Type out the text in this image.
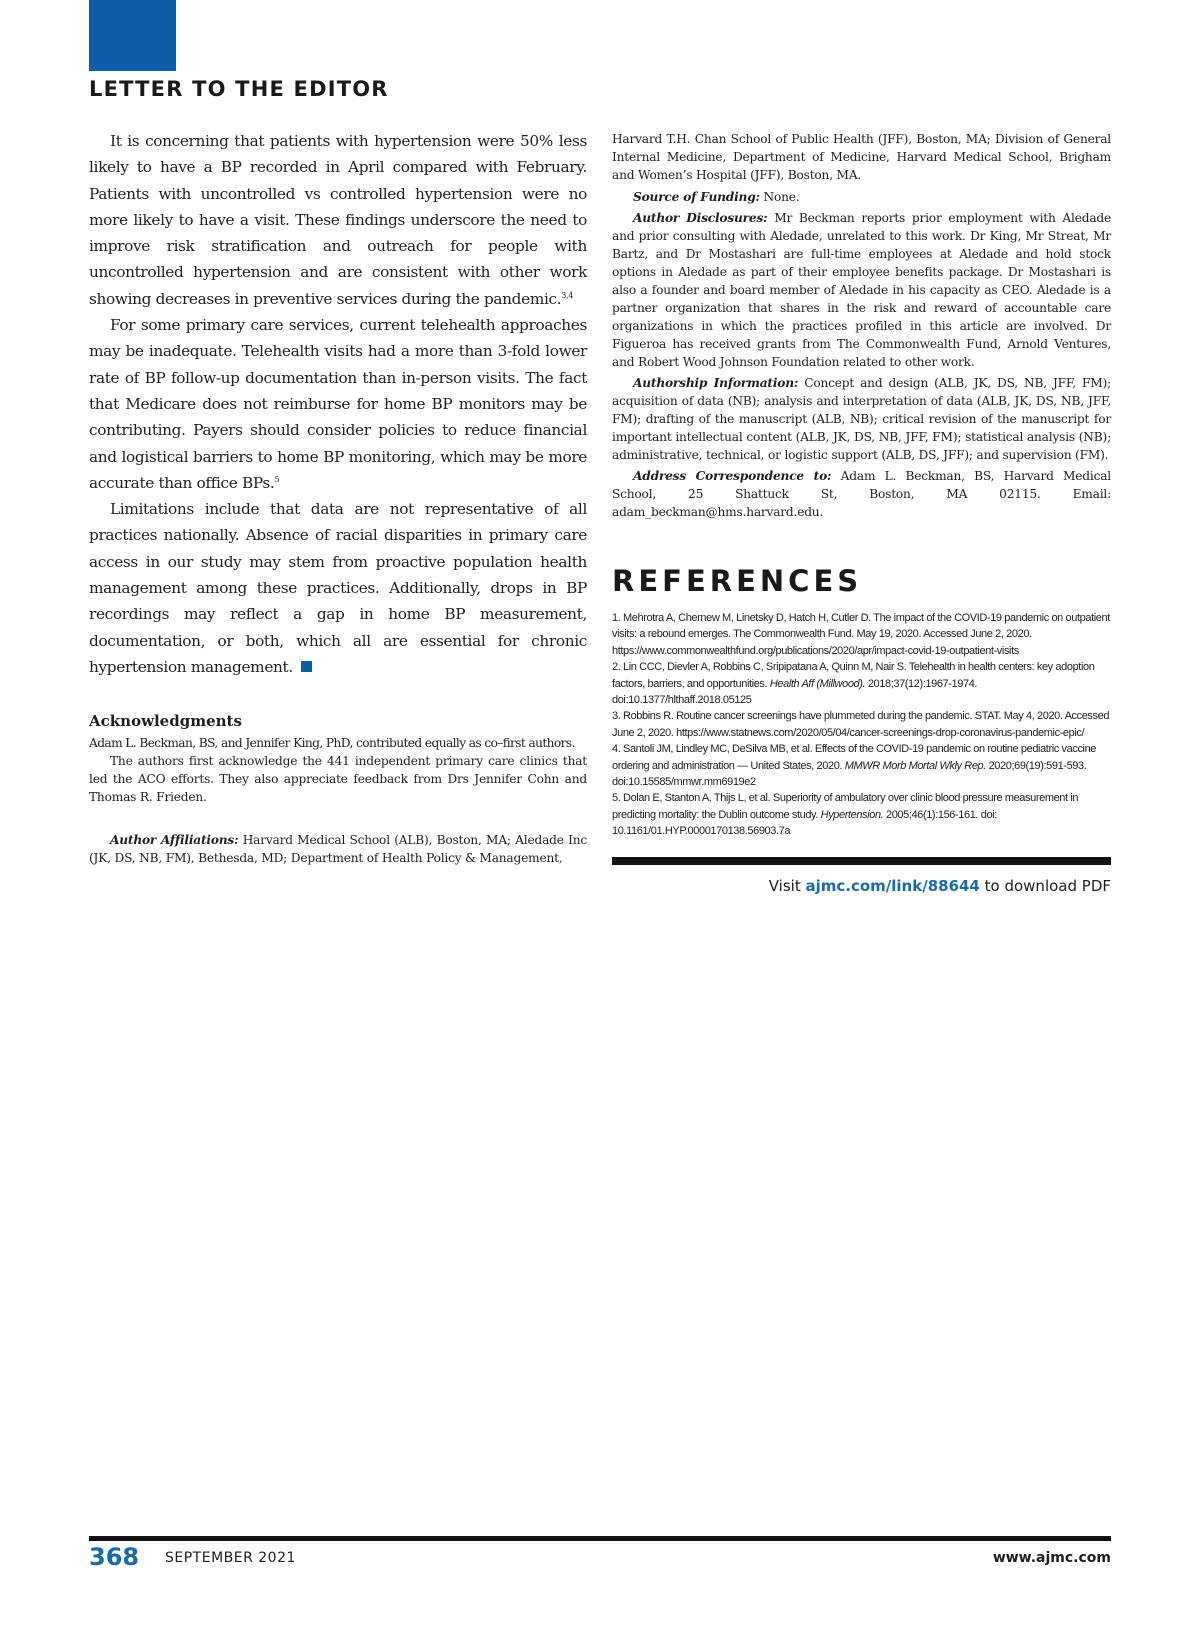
LETTER TO THE EDITOR

It is concerning that patients with hypertension were 50% less likely to have a BP recorded in April compared with February. Patients with uncontrolled vs controlled hypertension were no more likely to have a visit. These findings underscore the need to improve risk stratification and outreach for people with uncontrolled hypertension and are consistent with other work showing decreases in preventive services during the pandemic.$^{3,4}$

For some primary care services, current telehealth approaches may be inadequate. Telehealth visits had a more than 3-fold lower rate of BP follow-up documentation than in-person visits. The fact that Medicare does not reimburse for home BP monitors may be contributing. Payers should consider policies to reduce financial and logistical barriers to home BP monitoring, which may be more accurate than office BPs.$^5$

Limitations include that data are not representative of all practices nationally. Absence of racial disparities in primary care access in our study may stem from proactive population health management among these practices. Additionally, drops in BP recordings may reflect a gap in home BP measurement, documentation, or both, which all are essential for chronic hypertension management.

Acknowledgments

Adam L. Beckman, BS, and Jennifer King, PhD, contributed equally as co–first authors.

The authors first acknowledge the 441 independent primary care clinics that led the ACO efforts. They also appreciate feedback from Drs Jennifer Cohn and Thomas R. Frieden.

Author Affiliations: Harvard Medical School (ALB), Boston, MA; Aledade Inc (JK, DS, NB, FM), Bethesda, MD; Department of Health Policy & Management,

Harvard T.H. Chan School of Public Health (JFF), Boston, MA; Division of General Internal Medicine, Department of Medicine, Harvard Medical School, Brigham and Women’s Hospital (JFF), Boston, MA.

Source of Funding: None.

Author Disclosures: Mr Beckman reports prior employment with Aledade and prior consulting with Aledade, unrelated to this work. Dr King, Mr Streat, Mr Bartz, and Dr Mostashari are full-time employees at Aledade and hold stock options in Aledade as part of their employee benefits package. Dr Mostashari is also a founder and board member of Aledade in his capacity as CEO. Aledade is a partner organization that shares in the risk and reward of accountable care organizations in which the practices profiled in this article are involved. Dr Figueroa has received grants from The Commonwealth Fund, Arnold Ventures, and Robert Wood Johnson Foundation related to other work.

Authorship Information: Concept and design (ALB, JK, DS, NB, JFF, FM); acquisition of data (NB); analysis and interpretation of data (ALB, JK, DS, NB, JFF, FM); drafting of the manuscript (ALB, NB); critical revision of the manuscript for important intellectual content (ALB, JK, DS, NB, JFF, FM); statistical analysis (NB); administrative, technical, or logistic support (ALB, DS, JFF); and supervision (FM).

Address Correspondence to: Adam L. Beckman, BS, Harvard Medical School, 25 Shattuck St, Boston, MA 02115. Email: adam_beckman@hms.harvard.edu.

REFERENCES

1. Mehrotra A, Chernew M, Linetsky D, Hatch H, Cutler D. The impact of the COVID-19 pandemic on outpatient visits: a rebound emerges. The Commonwealth Fund. May 19, 2020. Accessed June 2, 2020. https://www.commonwealthfund.org/publications/2020/apr/impact-covid-19-outpatient-visits

2. Lin CCC, Dievler A, Robbins C, Sripipatana A, Quinn M, Nair S. Telehealth in health centers: key adoption factors, barriers, and opportunities. Health Aff (Millwood). 2018;37(12):1967-1974. doi:10.1377/hlthaff.2018.05125

3. Robbins R. Routine cancer screenings have plummeted during the pandemic. STAT. May 4, 2020. Accessed June 2, 2020. https://www.statnews.com/2020/05/04/cancer-screenings-drop-coronavirus-pandemic-epic/

4. Santoli JM, Lindley MC, DeSilva MB, et al. Effects of the COVID-19 pandemic on routine pediatric vaccine ordering and administration — United States, 2020. MMWR Morb Mortal Wkly Rep. 2020;69(19):591-593. doi:10.15585/mmwr.mm6919e2

5. Dolan E, Stanton A, Thijs L, et al. Superiority of ambulatory over clinic blood pressure measurement in predicting mortality: the Dublin outcome study. Hypertension. 2005;46(1):156-161. doi: 10.1161/01.HYP.0000170138.56903.7a

Visit ajmc.com/link/88644 to download PDF
368 SEPTEMBER 2021	www.ajmc.com
